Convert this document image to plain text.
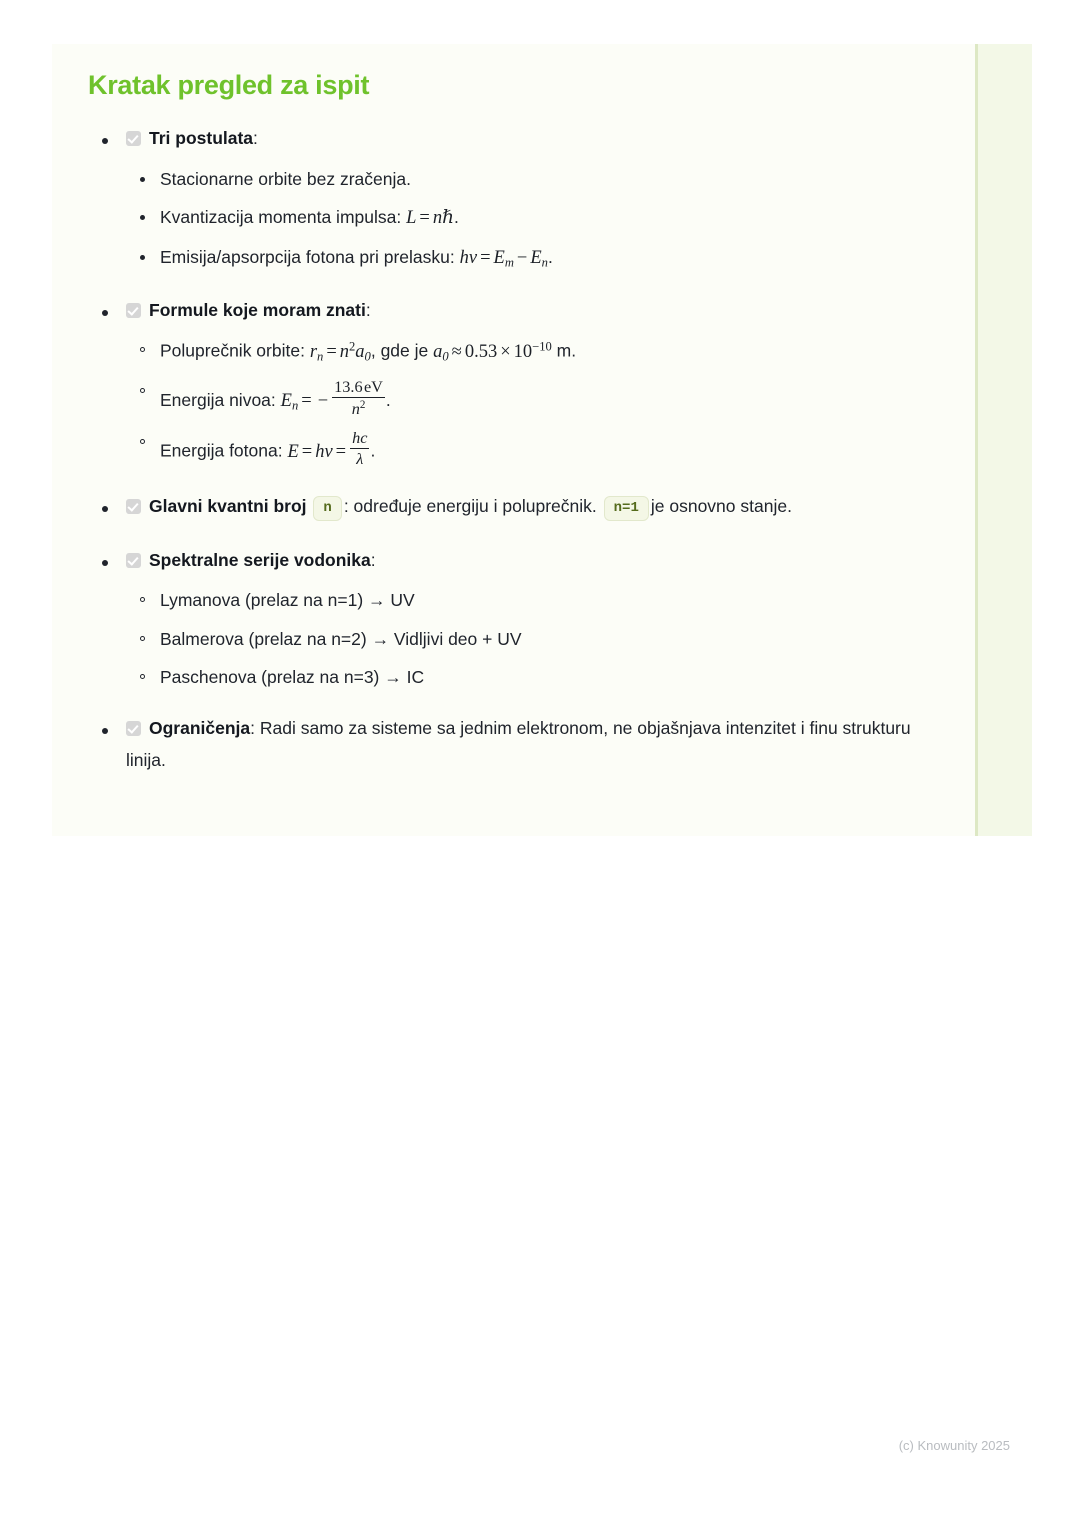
Kratak pregled za ispit
Tri postulata:
Stacionarne orbite bez zračenja.
Kvantizacija momenta impulsa: L = nℏ.
Emisija/apsorpcija fotona pri prelasku: $h\nu = E_m - E_n$.
Formule koje moram znati:
Poluprečnik orbite: $r_n = n^2a_0$, gde je $a_0 \approx 0.53 \times 10^{-10}$ m.
Energija nivoa: $E_n$ = − $\frac{13.6 eV}{n^2}$ .
Energija fotona: $E = h\nu = \frac{hc}{\lambda}$ .
Glavni kvantni broj n : određuje energiju i poluprečnik. n=1 je osnovno stanje.
Spektralne serije vodonika:
Lymanova (prelaz na n=1) → UV
Balmerova (prelaz na n=2) → Vidljivi deo + UV
Paschenova (prelaz na n=3) → IC
Ograničenja: Radi samo za sisteme sa jednim elektronom, ne objašnjava intenzitet i finu strukturu linija.
(c) Knowunity 2025
